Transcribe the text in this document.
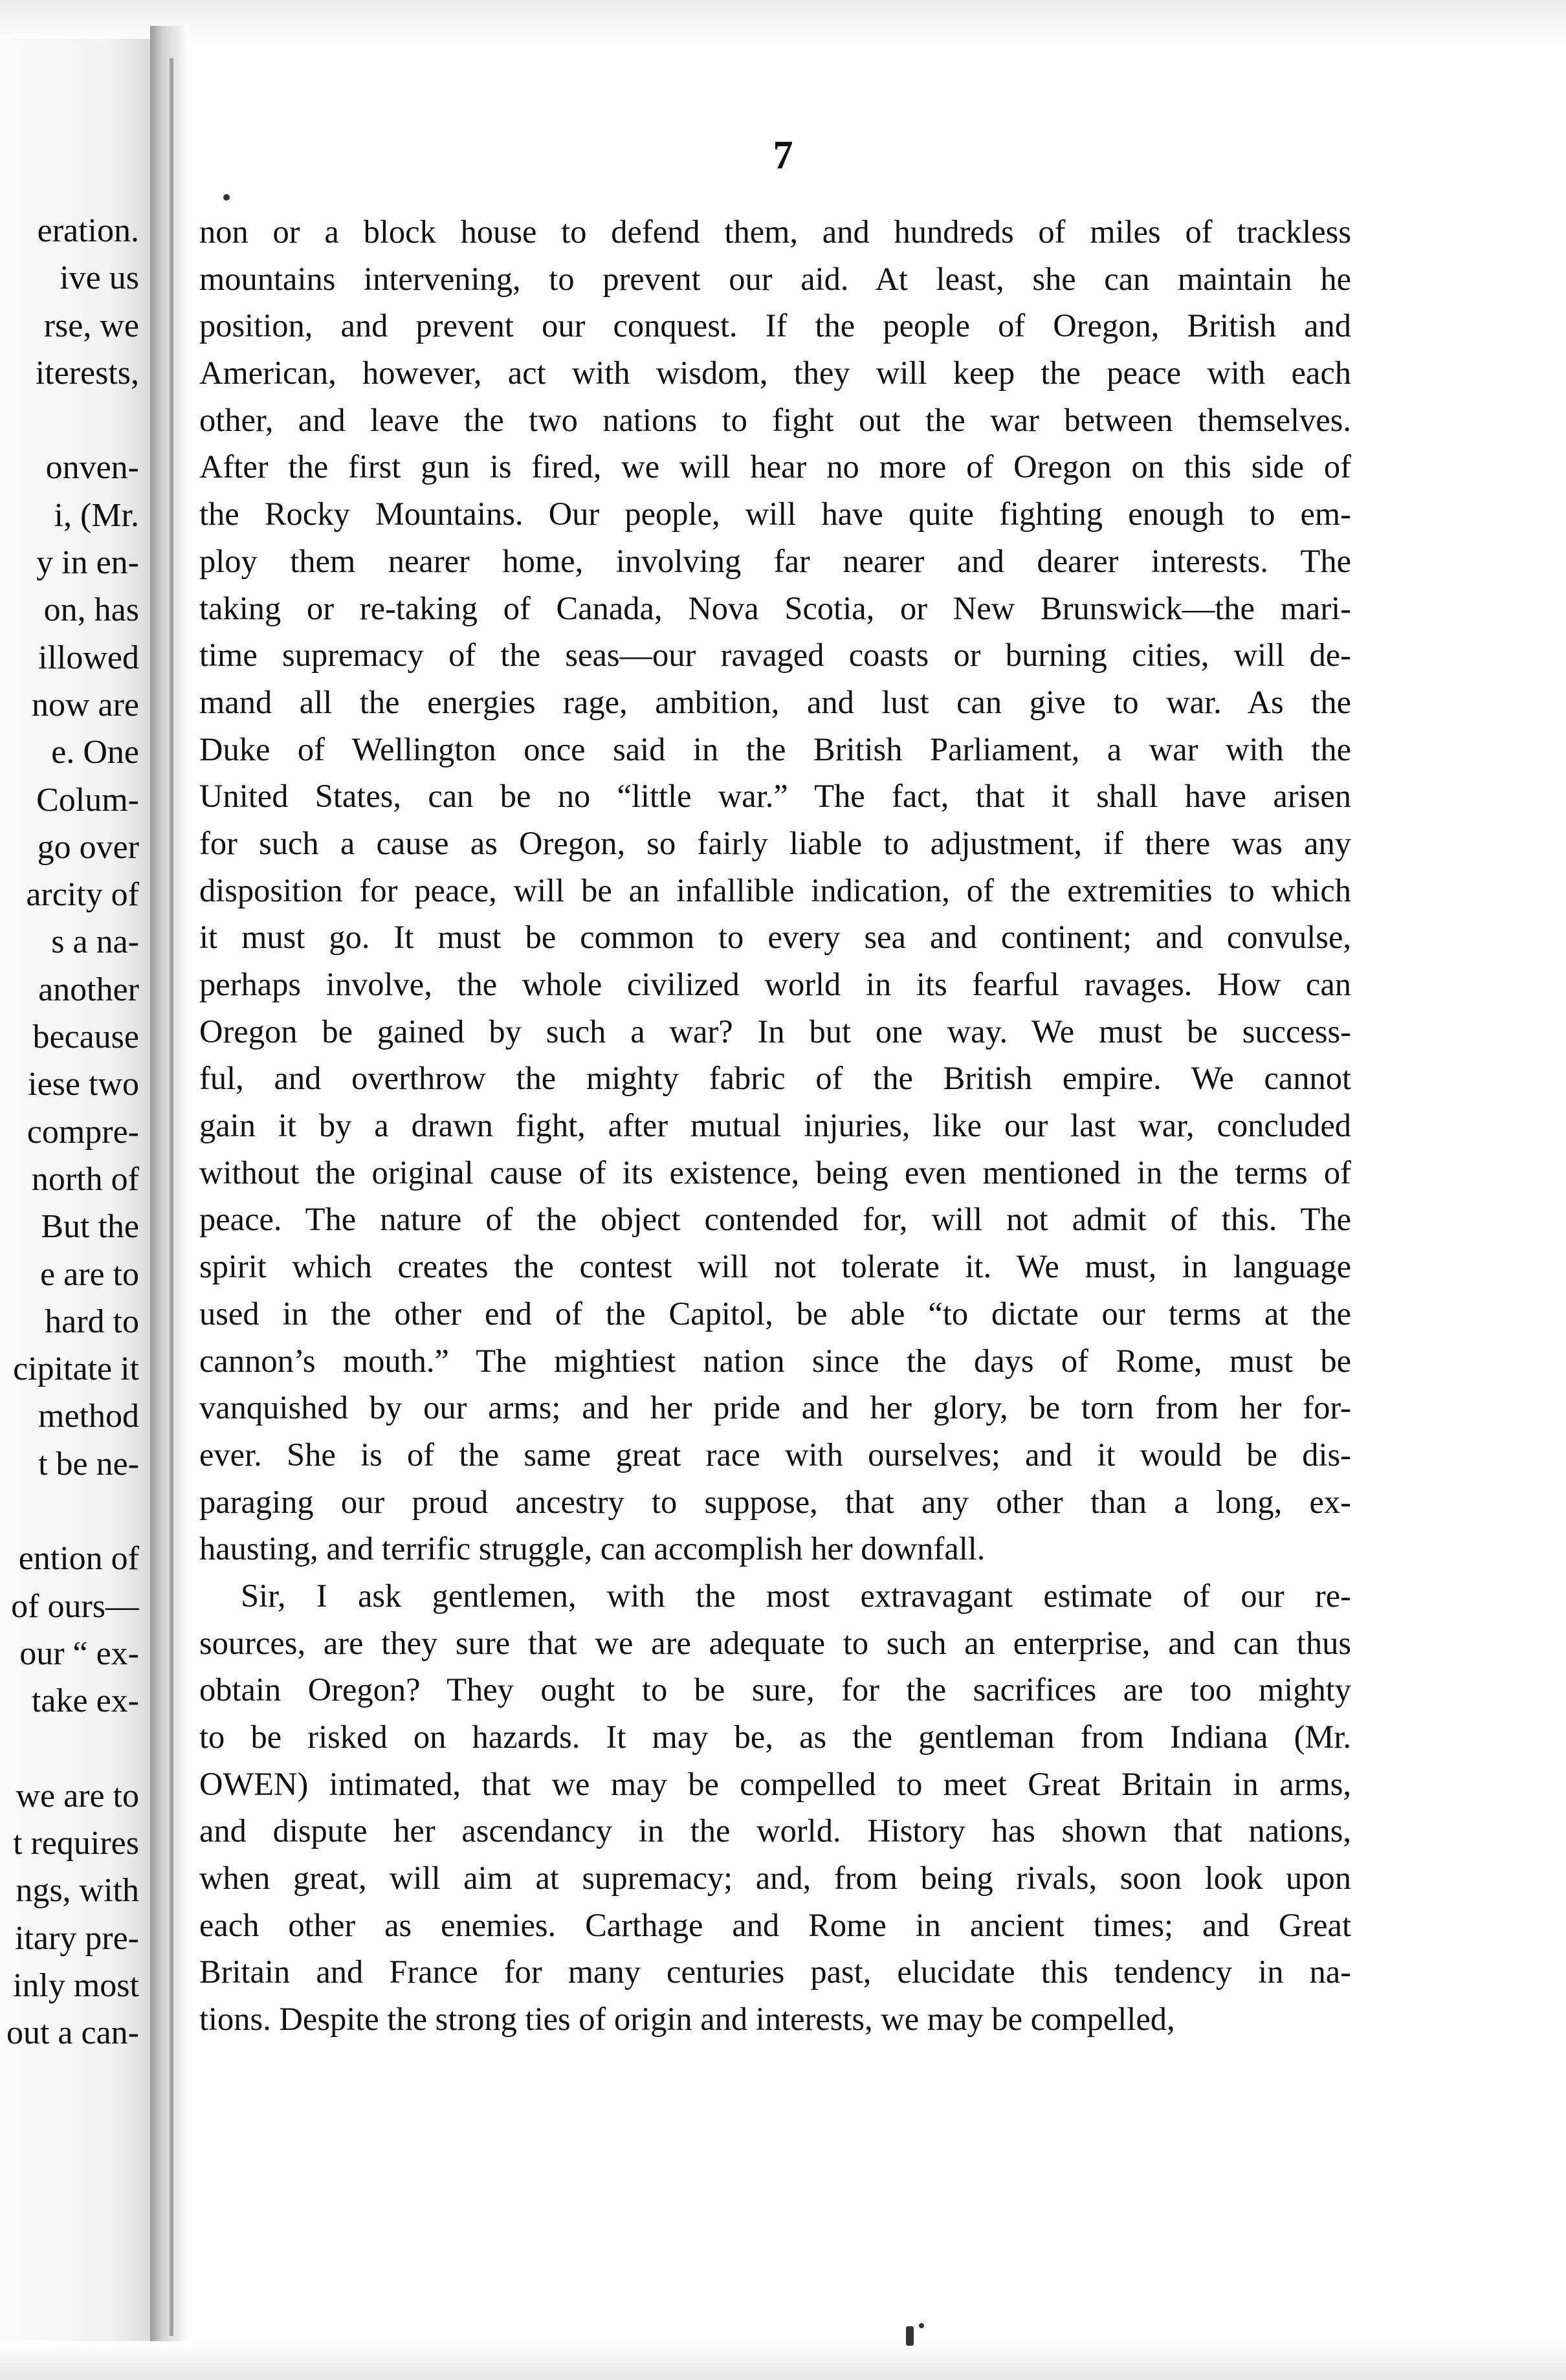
eration.
ive us
rse, we
iterests,
onven-
i, (Mr.
y in en-
on, has
illowed
now are
e. One
Colum-
go over
arcity of
s a na-
another
because
iese two
compre-
north of
But the
e are to
hard to
cipitate it
method
t be ne-
ention of
of ours—
our “ ex-
take ex-
we are to
t requires
ngs, with
itary pre-
inly most
out a can-
7
non or a block house to defend them, and hundreds of miles of trackless
mountains intervening, to prevent our aid. At least, she can maintain he
position, and prevent our conquest. If the people of Oregon, British and
American, however, act with wisdom, they will keep the peace with each
other, and leave the two nations to fight out the war between themselves.
After the first gun is fired, we will hear no more of Oregon on this side of
the Rocky Mountains. Our people, will have quite fighting enough to em-
ploy them nearer home, involving far nearer and dearer interests. The
taking or re-taking of Canada, Nova Scotia, or New Brunswick—the mari-
time supremacy of the seas—our ravaged coasts or burning cities, will de-
mand all the energies rage, ambition, and lust can give to war. As the
Duke of Wellington once said in the British Parliament, a war with the
United States, can be no “little war.” The fact, that it shall have arisen
for such a cause as Oregon, so fairly liable to adjustment, if there was any
disposition for peace, will be an infallible indication, of the extremities to which
it must go. It must be common to every sea and continent; and convulse,
perhaps involve, the whole civilized world in its fearful ravages. How can
Oregon be gained by such a war? In but one way. We must be success-
ful, and overthrow the mighty fabric of the British empire. We cannot
gain it by a drawn fight, after mutual injuries, like our last war, concluded
without the original cause of its existence, being even mentioned in the terms of
peace. The nature of the object contended for, will not admit of this. The
spirit which creates the contest will not tolerate it. We must, in language
used in the other end of the Capitol, be able “to dictate our terms at the
cannon’s mouth.” The mightiest nation since the days of Rome, must be
vanquished by our arms; and her pride and her glory, be torn from her for-
ever. She is of the same great race with ourselves; and it would be dis-
paraging our proud ancestry to suppose, that any other than a long, ex-
hausting, and terrific struggle, can accomplish her downfall.
Sir, I ask gentlemen, with the most extravagant estimate of our re-
sources, are they sure that we are adequate to such an enterprise, and can thus
obtain Oregon? They ought to be sure, for the sacrifices are too mighty
to be risked on hazards. It may be, as the gentleman from Indiana (Mr.
OWEN) intimated, that we may be compelled to meet Great Britain in arms,
and dispute her ascendancy in the world. History has shown that nations,
when great, will aim at supremacy; and, from being rivals, soon look upon
each other as enemies. Carthage and Rome in ancient times; and Great
Britain and France for many centuries past, elucidate this tendency in na-
tions. Despite the strong ties of origin and interests, we may be compelled,
